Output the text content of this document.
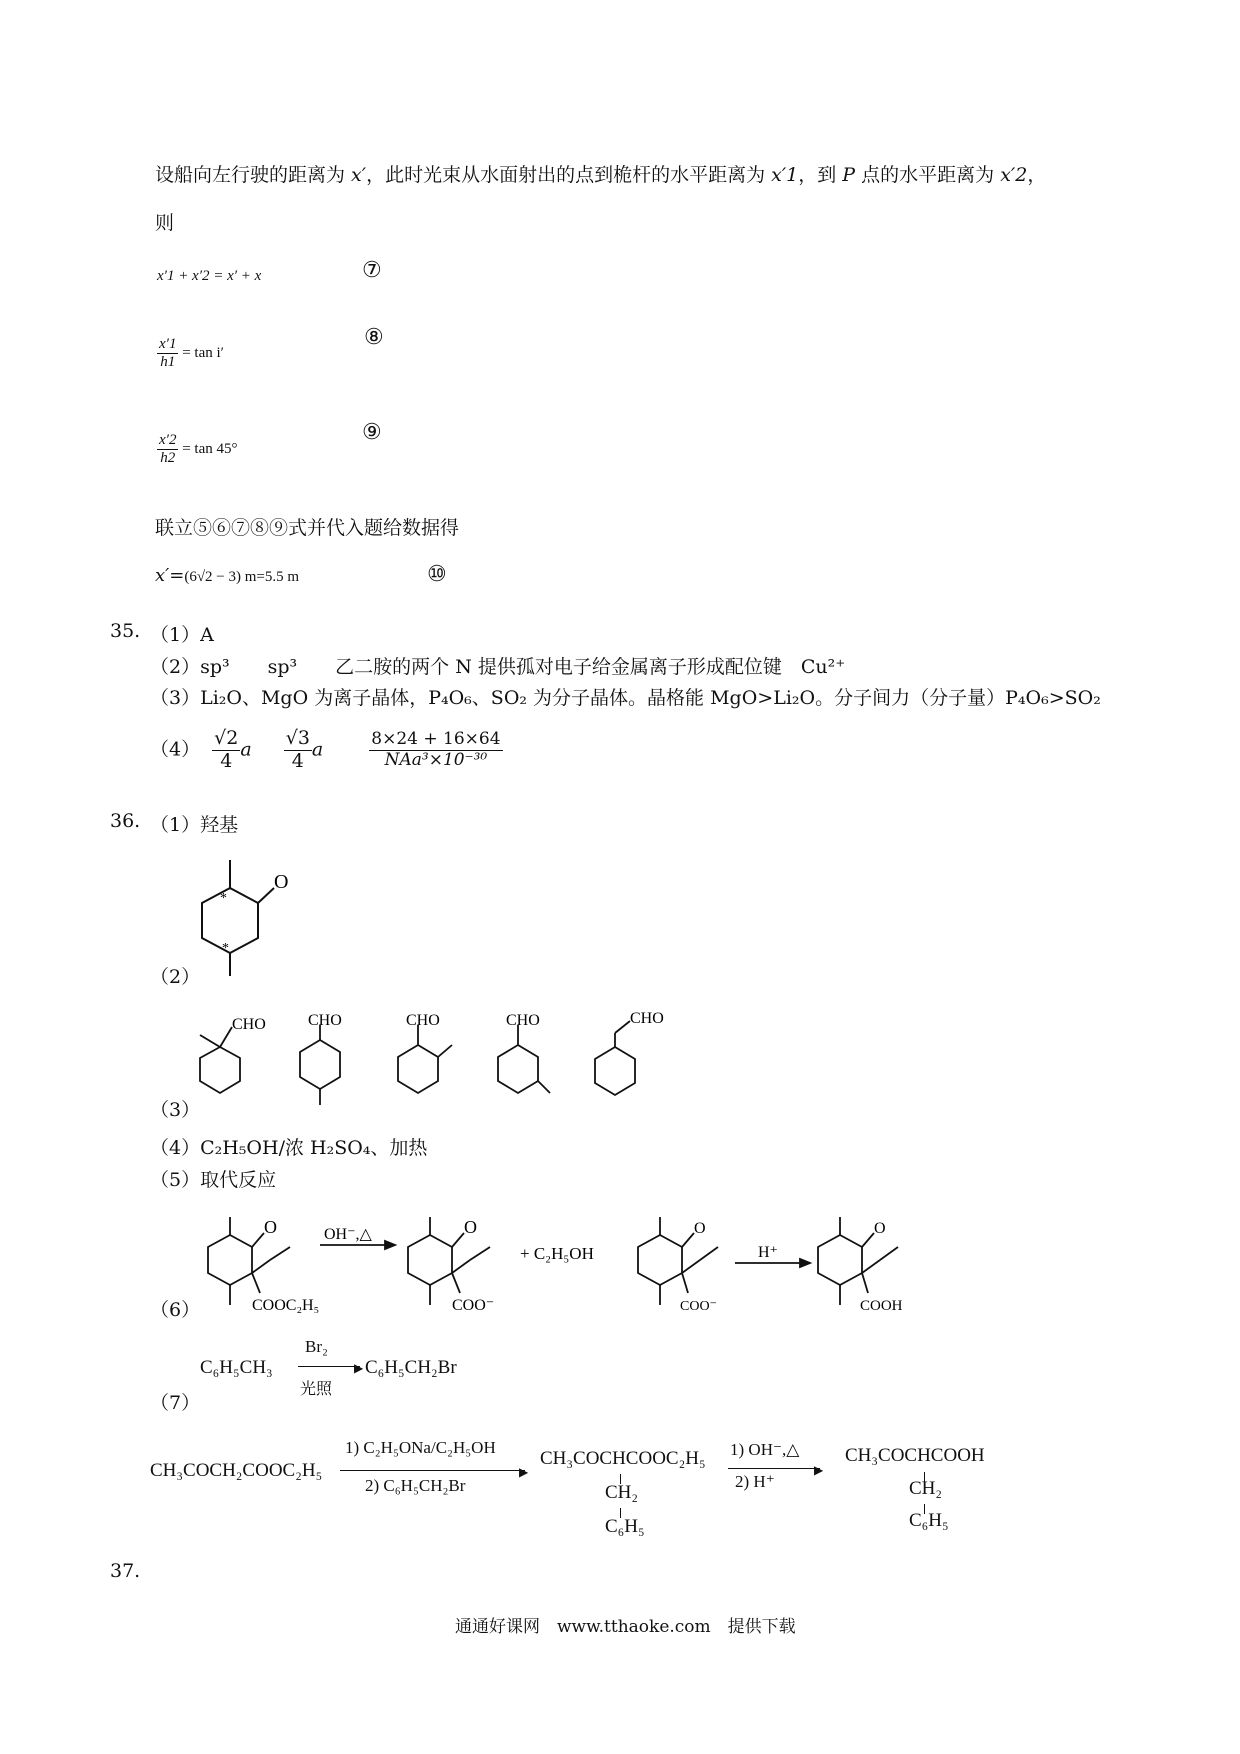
设船向左行驶的距离为 x′，此时光束从水面射出的点到桅杆的水平距离为 x′1，到 P 点的水平距离为 x′2，
则
x′1 + x′2 = x′ + x	⑦
$\frac{x'1}{h1} = \tan i'$
⑧
$\frac{x'2}{h2} = \tan 45^\circ$
⑨
联立⑤⑥⑦⑧⑨式并代入题给数据得
x′=(6√2 − 3) m=5.5 m	⑩
35. （1）A
（2）sp³　　sp³　　乙二胺的两个 N 提供孤对电子给金属离子形成配位键　Cu²⁺
（3）Li₂O、MgO 为离子晶体，P₄O₆、SO₂ 为分子晶体。晶格能 MgO>Li₂O。分子间力（分子量）P₄O₆>SO₂
$(4) \frac{√2}{4}$ a $\frac{√3}{4}$ a	$\frac{8\times 24 + 16\times 64}{\text{NAa³×10⁻³⁰}}$
36. （1）羟基
O
*
*
（2）
CHO	CHO	CHO	CHO	CHO
（3）
（4）C₂H₅OH/浓 H₂SO₄、加热
（5）取代反应
O
COOC₂H₅
OH⁻,△	O
COO⁻
+ C₂H₅OH
O
COO⁻
H⁺
O
COOH
（6）
C₆H₅CH₃
Br₂
▶
光照
C₆H₅CH₂Br
（7）
CH₃COCH₂COOC₂H₅
1) C₂H₅ONa/C₂H₅OH
▶
2) C₆H₅CH₂Br
CH₃COCHCOOC₂H₅
CH₂
C₆H₅
1) OH⁻,△
▶
2) H⁺
CH₃COCHCOOH
CH₂
C₆H₅
37.
通通好课网　www.tthaoke.com　提供下载
